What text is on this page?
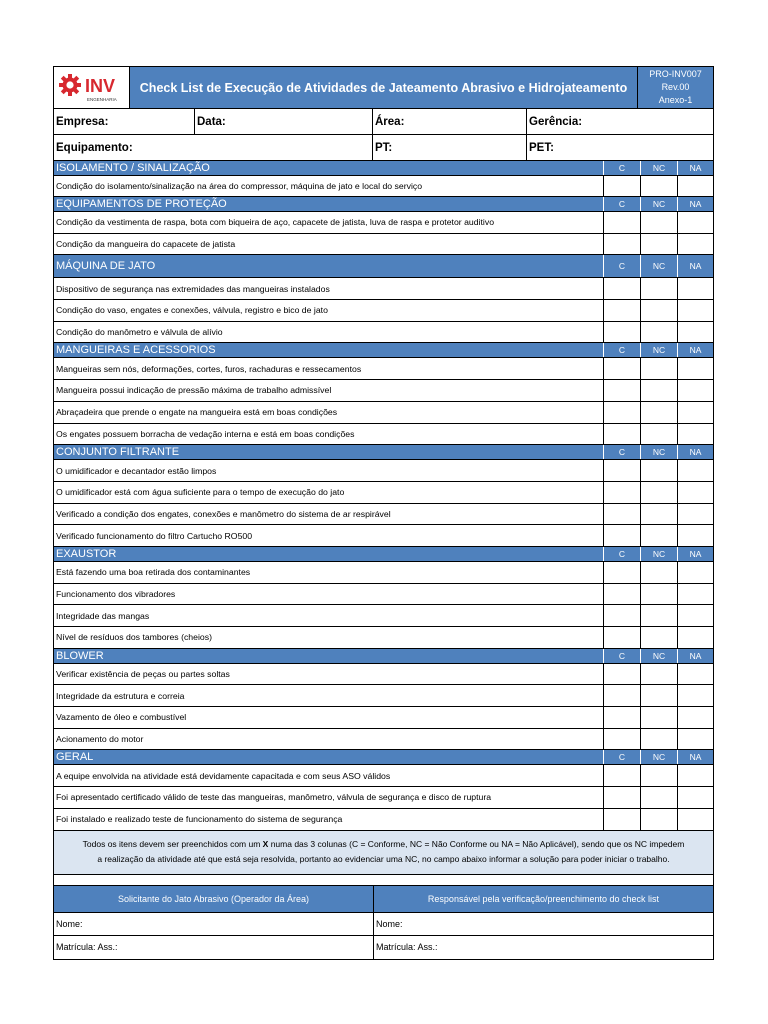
INV
ENGENHARIA
Check List de Execução de Atividades de Jateamento Abrasivo e Hidrojateamento
PRO-INV007
Rev.00
Anexo-1
Empresa:	Data:	Área:	Gerência:
Equipamento:	PT:	PET:
ISOLAMENTO / SINALIZAÇÃO	C	NC	NA
Condição do isolamento/sinalização na área do compressor, máquina de jato e local do serviço
EQUIPAMENTOS DE PROTEÇÃO	C	NC	NA
Condição da vestimenta de raspa, bota com biqueira de aço, capacete de jatista, luva de raspa e protetor auditivo
Condição da mangueira do capacete de jatista
MÁQUINA DE JATO	C	NC	NA
Dispositivo de segurança nas extremidades das mangueiras instalados
Condição do vaso, engates e conexões, válvula, registro e bico de jato
Condição do manômetro e válvula de alívio
MANGUEIRAS E ACESSORIOS	C	NC	NA
Mangueiras sem nós, deformações, cortes, furos, rachaduras e ressecamentos
Mangueira possui indicação de pressão máxima de trabalho admissível
Abraçadeira que prende o engate na mangueira está em boas condições
Os engates possuem borracha de vedação interna e está em boas condições
CONJUNTO FILTRANTE	C	NC	NA
O umidificador e decantador estão limpos
O umidificador está com água suficiente para o tempo de execução do jato
Verificado a condição dos engates, conexões e manômetro do sistema de ar respirável
Verificado funcionamento do filtro Cartucho RO500
EXAUSTOR	C	NC	NA
Está fazendo uma boa retirada dos contaminantes
Funcionamento dos vibradores
Integridade das mangas
Nível de resíduos dos tambores (cheios)
BLOWER	C	NC	NA
Verificar existência de peças ou partes soltas
Integridade da estrutura e correia
Vazamento de óleo e combustível
Acionamento do motor
GERAL	C	NC	NA
A equipe envolvida na atividade está devidamente capacitada e com seus ASO válidos
Foi apresentado certificado válido de teste das mangueiras, manômetro, válvula de segurança e disco de ruptura
Foi instalado e realizado teste de funcionamento do sistema de segurança
Todos os itens devem ser preenchidos com um X numa das 3 colunas (C = Conforme, NC = Não Conforme ou NA = Não Aplicável), sendo que os NC impedem
a realização da atividade até que está seja resolvida, portanto ao evidenciar uma NC, no campo abaixo informar a solução para poder iniciar o trabalho.
Solicitante do Jato Abrasivo (Operador da Área)	Responsável pela verificação/preenchimento do check list
Nome:	Nome:
Matrícula: Ass.:	Matrícula: Ass.:
